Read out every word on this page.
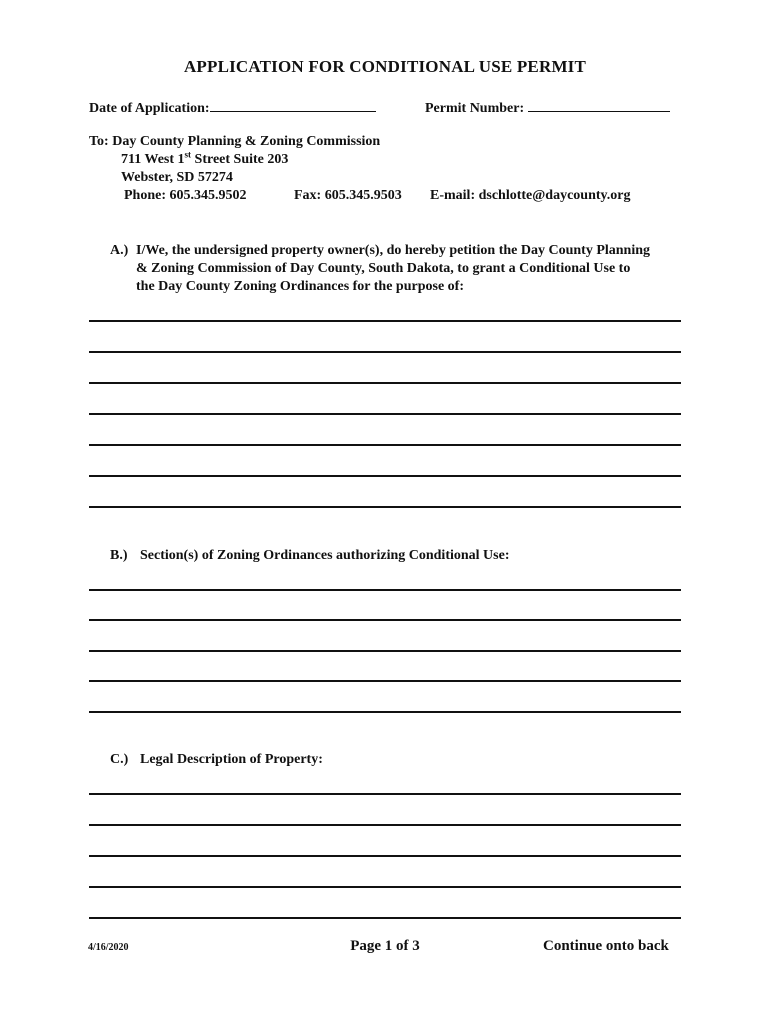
APPLICATION FOR CONDITIONAL USE PERMIT
Date of Application:	Permit Number:
To: Day County Planning & Zoning Commission
711 West 1st Street Suite 203
Webster, SD 57274
Phone: 605.345.9502	Fax: 605.345.9503 E-mail: dschlotte@daycounty.org
A.) I/We, the undersigned property owner(s), do hereby petition the Day County Planning & Zoning Commission of Day County, South Dakota, to grant a Conditional Use to the Day County Zoning Ordinances for the purpose of:
B.) Section(s) of Zoning Ordinances authorizing Conditional Use:
C.) Legal Description of Property:
4/16/2020	Page 1 of 3	Continue onto back
